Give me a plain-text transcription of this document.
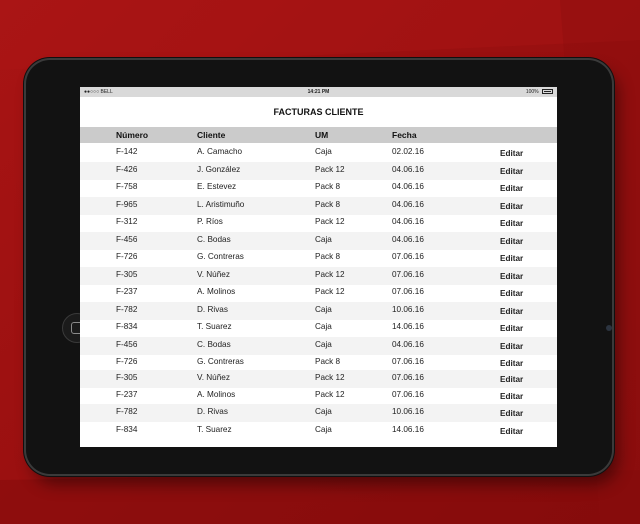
●●○○○ BELL	14:21 PM	100%
FACTURAS CLIENTE
Número	Cliente	UM	Fecha
F-142	A. Camacho	Caja	02.02.16	Editar
F-426	J. González	Pack 12	04.06.16	Editar
F-758	E. Estevez	Pack 8	04.06.16	Editar
F-965	L. Aristimuño	Pack 8	04.06.16	Editar
F-312	P. Ríos	Pack 12	04.06.16	Editar
F-456	C. Bodas	Caja	04.06.16	Editar
F-726	G. Contreras	Pack 8	07.06.16	Editar
F-305	V. Núñez	Pack 12	07.06.16	Editar
F-237	A. Molinos	Pack 12	07.06.16	Editar
F-782	D. Rivas	Caja	10.06.16	Editar
F-834	T. Suarez	Caja	14.06.16	Editar
F-456	C. Bodas	Caja	04.06.16	Editar
F-726	G. Contreras	Pack 8	07.06.16	Editar
F-305	V. Núñez	Pack 12	07.06.16	Editar
F-237	A. Molinos	Pack 12	07.06.16	Editar
F-782	D. Rivas	Caja	10.06.16	Editar
F-834	T. Suarez	Caja	14.06.16	Editar
